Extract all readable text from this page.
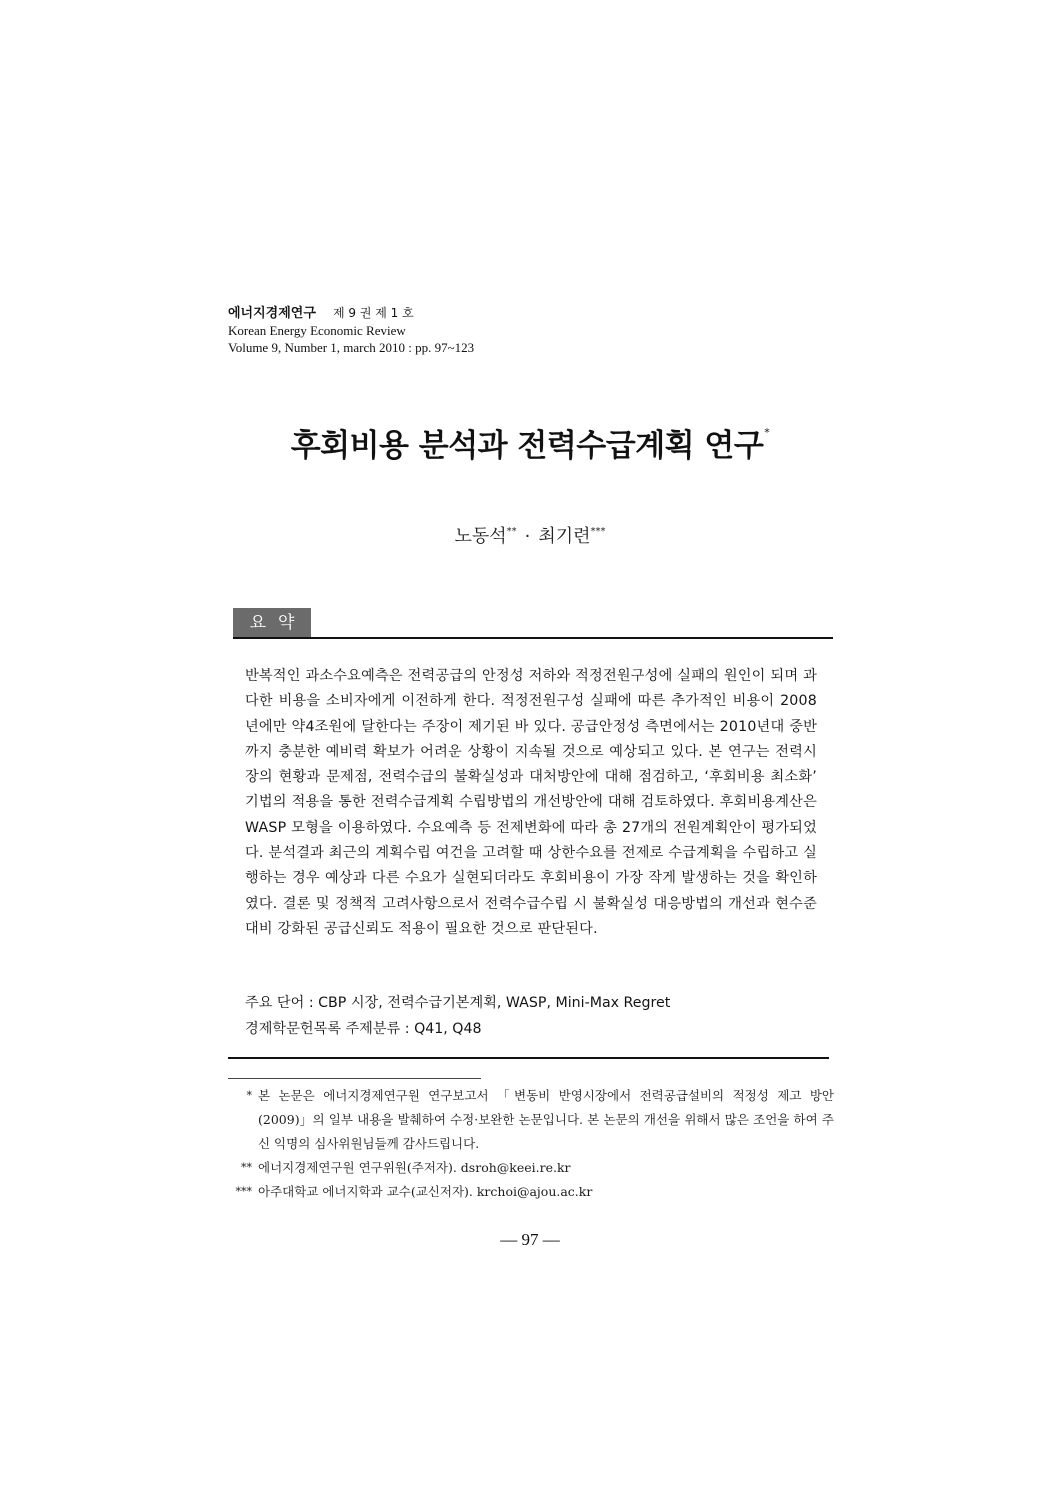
에너지경제연구 제 9 권 제 1 호
Korean Energy Economic Review
Volume 9, Number 1, march 2010 : pp. 97~123
후회비용 분석과 전력수급계획 연구*
노동석** · 최기련***
요약
반복적인 과소수요예측은 전력공급의 안정성 저하와 적정전원구성에 실패의 원인이 되며 과다한 비용을 소비자에게 이전하게 한다. 적정전원구성 실패에 따른 추가적인 비용이 2008년에만 약4조원에 달한다는 주장이 제기된 바 있다. 공급안정성 측면에서는 2010년대 중반까지 충분한 예비력 확보가 어려운 상황이 지속될 것으로 예상되고 있다. 본 연구는 전력시장의 현황과 문제점, 전력수급의 불확실성과 대처방안에 대해 점검하고, ‘후회비용 최소화’ 기법의 적용을 통한 전력수급계획 수립방법의 개선방안에 대해 검토하였다. 후회비용계산은 WASP 모형을 이용하였다. 수요예측 등 전제변화에 따라 총 27개의 전원계획안이 평가되었다. 분석결과 최근의 계획수립 여건을 고려할 때 상한수요를 전제로 수급계획을 수립하고 실행하는 경우 예상과 다른 수요가 실현되더라도 후회비용이 가장 작게 발생하는 것을 확인하였다. 결론 및 정책적 고려사항으로서 전력수급수립 시 불확실성 대응방법의 개선과 현수준 대비 강화된 공급신뢰도 적용이 필요한 것으로 판단된다.
주요 단어 : CBP 시장, 전력수급기본계획, WASP, Mini-Max Regret
경제학문헌목록 주제분류 : Q41, Q48
* 본 논문은 에너지경제연구원 연구보고서 「변동비 반영시장에서 전력공급설비의 적정성 제고 방안(2009)」의 일부 내용을 발췌하여 수정·보완한 논문입니다. 본 논문의 개선을 위해서 많은 조언을 하여 주신 익명의 심사위원님들께 감사드립니다.
** 에너지경제연구원 연구위원(주저자). dsroh@keei.re.kr
*** 아주대학교 에너지학과 교수(교신저자). krchoi@ajou.ac.kr
— 97 —
